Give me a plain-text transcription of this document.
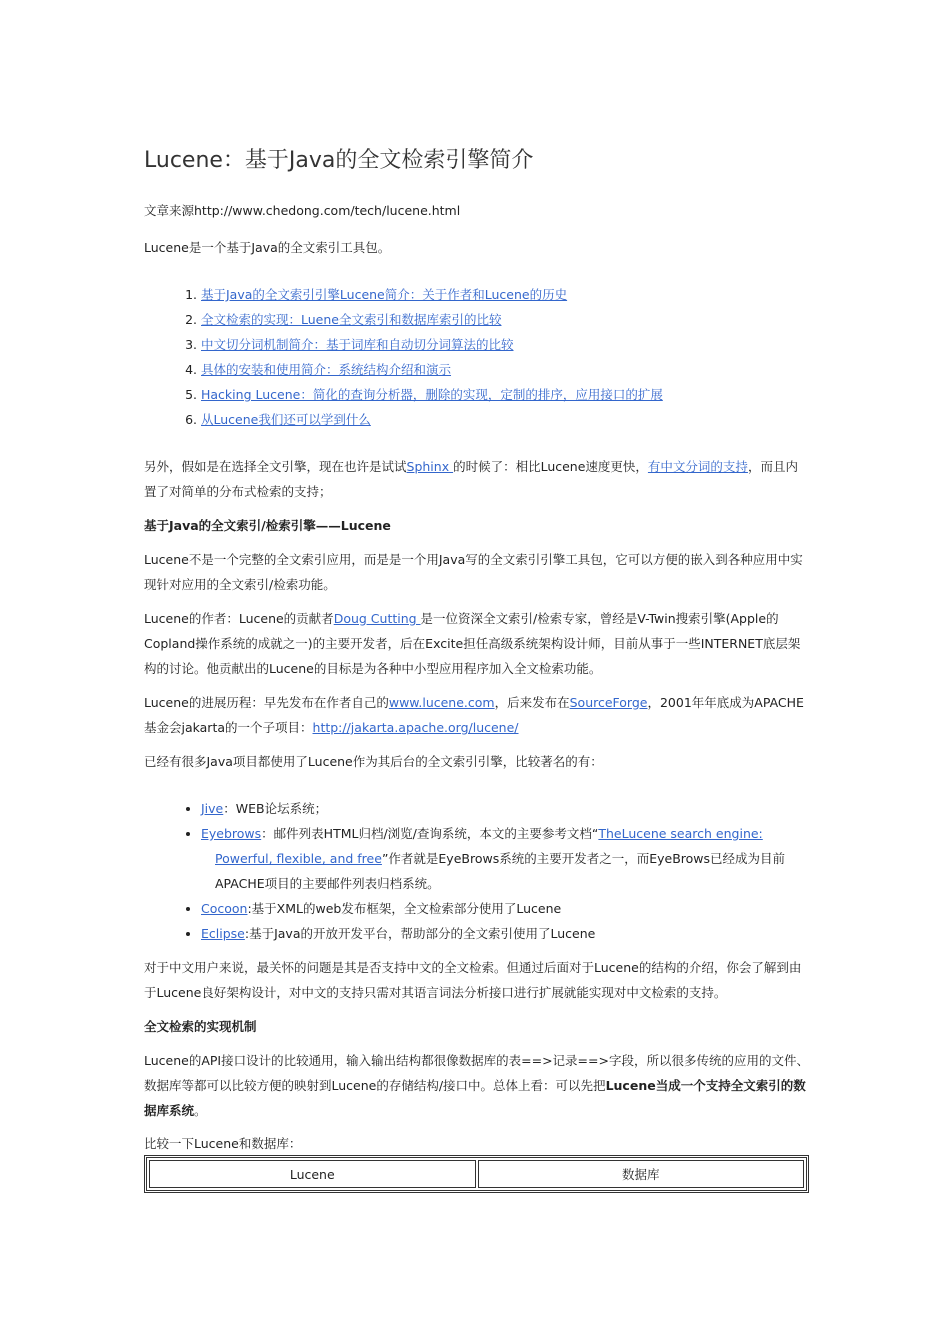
Lucene：基于Java的全文检索引擎简介

文章来源http://www.chedong.com/tech/lucene.html

Lucene是一个基于Java的全文索引工具包。

1. 基于Java的全文索引引擎Lucene简介：关于作者和Lucene的历史
2. 全文检索的实现：Luene全文索引和数据库索引的比较
3. 中文切分词机制简介：基于词库和自动切分词算法的比较
4. 具体的安装和使用简介：系统结构介绍和演示
5. Hacking Lucene：简化的查询分析器，删除的实现，定制的排序，应用接口的扩展
6. 从Lucene我们还可以学到什么

另外，假如是在选择全文引擎，现在也许是试试Sphinx 的时候了：相比Lucene速度更快，有中文分词的支持，而且内置了对简单的分布式检索的支持；

基于Java的全文索引/检索引擎——Lucene

Lucene不是一个完整的全文索引应用，而是是一个用Java写的全文索引引擎工具包，它可以方便的嵌入到各种应用中实现针对应用的全文索引/检索功能。

Lucene的作者：Lucene的贡献者Doug Cutting 是一位资深全文索引/检索专家，曾经是V-Twin搜索引擎(Apple的Copland操作系统的成就之一)的主要开发者，后在Excite担任高级系统架构设计师，目前从事于一些INTERNET底层架构的讨论。他贡献出的Lucene的目标是为各种中小型应用程序加入全文检索功能。

Lucene的进展历程：早先发布在作者自己的www.lucene.com，后来发布在SourceForge，2001年年底成为APACHE基金会jakarta的一个子项目：http://jakarta.apache.org/lucene/

已经有很多Java项目都使用了Lucene作为其后台的全文索引引擎，比较著名的有：

• Jive：WEB论坛系统；
• Eyebrows：邮件列表HTML归档/浏览/查询系统，本文的主要参考文档“TheLucene search engine: Powerful, flexible, and free”作者就是EyeBrows系统的主要开发者之一，而EyeBrows已经成为目前APACHE项目的主要邮件列表归档系统。
• Cocoon:基于XML的web发布框架，全文检索部分使用了Lucene
• Eclipse:基于Java的开放开发平台，帮助部分的全文索引使用了Lucene

对于中文用户来说，最关怀的问题是其是否支持中文的全文检索。但通过后面对于Lucene的结构的介绍，你会了解到由于Lucene良好架构设计，对中文的支持只需对其语言词法分析接口进行扩展就能实现对中文检索的支持。

全文检索的实现机制

Lucene的API接口设计的比较通用，输入输出结构都很像数据库的表==>记录==>字段，所以很多传统的应用的文件、数据库等都可以比较方便的映射到Lucene的存储结构/接口中。总体上看：可以先把Lucene当成一个支持全文索引的数据库系统。

比较一下Lucene和数据库：

Lucene	数据库
